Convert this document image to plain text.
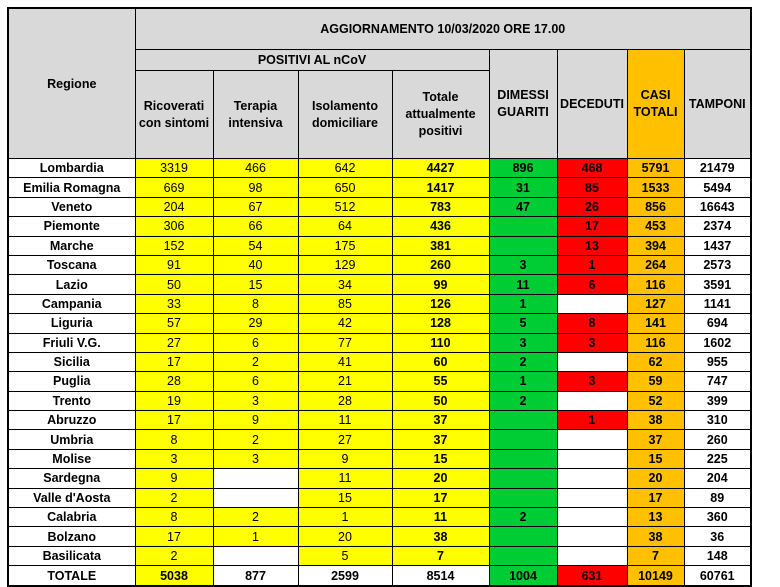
Regione	AGGIORNAMENTO 10/03/2020 ORE 17.00							
	POSITIVI AL nCoV				DIMESSI GUARITI	DECEDUTI	CASI TOTALI	TAMPONI
	Ricoverati con sintomi	Terapia intensiva	Isolamento domiciliare	Totale attualmente positivi				
Lombardia	3319	466	642	4427	896	468	5791	21479
Emilia Romagna	669	98	650	1417	31	85	1533	5494
Veneto	204	67	512	783	47	26	856	16643
Piemonte	306	66	64	436		17	453	2374
Marche	152	54	175	381		13	394	1437
Toscana	91	40	129	260	3	1	264	2573
Lazio	50	15	34	99	11	6	116	3591
Campania	33	8	85	126	1		127	1141
Liguria	57	29	42	128	5	8	141	694
Friuli V.G.	27	6	77	110	3	3	116	1602
Sicilia	17	2	41	60	2		62	955
Puglia	28	6	21	55	1	3	59	747
Trento	19	3	28	50	2		52	399
Abruzzo	17	9	11	37		1	38	310
Umbria	8	2	27	37			37	260
Molise	3	3	9	15			15	225
Sardegna	9		11	20			20	204
Valle d'Aosta	2		15	17			17	89
Calabria	8	2	1	11	2		13	360
Bolzano	17	1	20	38			38	36
Basilicata	2		5	7			7	148
TOTALE	5038	877	2599	8514	1004	631	10149	60761
